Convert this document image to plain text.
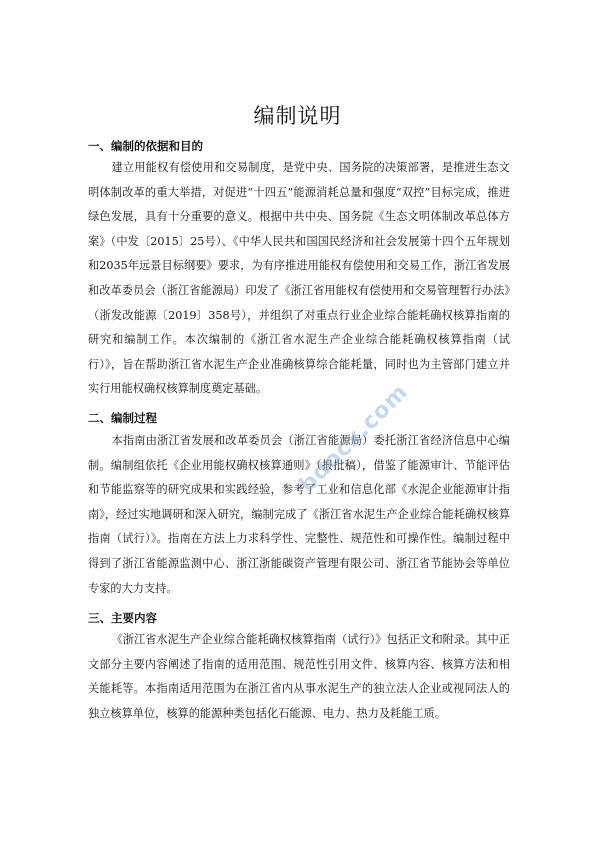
编制说明
一、编制的依据和目的

建立用能权有偿使用和交易制度，是党中央、国务院的决策部署，是推进生态文明体制改革的重大举措，对促进“十四五”能源消耗总量和强度“双控”目标完成，推进绿色发展，具有十分重要的意义。根据中共中央、国务院《生态文明体制改革总体方案》（中发〔2015〕25号）、《中华人民共和国国民经济和社会发展第十四个五年规划和2035年远景目标纲要》要求，为有序推进用能权有偿使用和交易工作，浙江省发展和改革委员会（浙江省能源局）印发了《浙江省用能权有偿使用和交易管理暂行办法》（浙发改能源〔2019〕358号），并组织了对重点行业企业综合能耗确权核算指南的研究和编制工作。本次编制的《浙江省水泥生产企业综合能耗确权核算指南（试行）》，旨在帮助浙江省水泥生产企业准确核算综合能耗量，同时也为主管部门建立并实行用能权确权核算制度奠定基础。

二、编制过程

本指南由浙江省发展和改革委员会（浙江省能源局）委托浙江省经济信息中心编制。编制组依托《企业用能权确权核算通则》（报批稿），借鉴了能源审计、节能评估和节能监察等的研究成果和实践经验，参考了工业和信息化部《水泥企业能源审计指南》，经过实地调研和深入研究，编制完成了《浙江省水泥生产企业综合能耗确权核算指南（试行）》。指南在方法上力求科学性、完整性、规范性和可操作性。编制过程中得到了浙江省能源监测中心、浙江浙能碳资产管理有限公司、浙江省节能协会等单位专家的大力支持。

三、主要内容

《浙江省水泥生产企业综合能耗确权核算指南（试行）》包括正文和附录。其中正文部分主要内容阐述了指南的适用范围、规范性引用文件、核算内容、核算方法和相关能耗等。本指南适用范围为在浙江省内从事水泥生产的独立法人企业或视同法人的独立核算单位，核算的能源种类包括化石能源、电力、热力及耗能工质。

bdocx.com
